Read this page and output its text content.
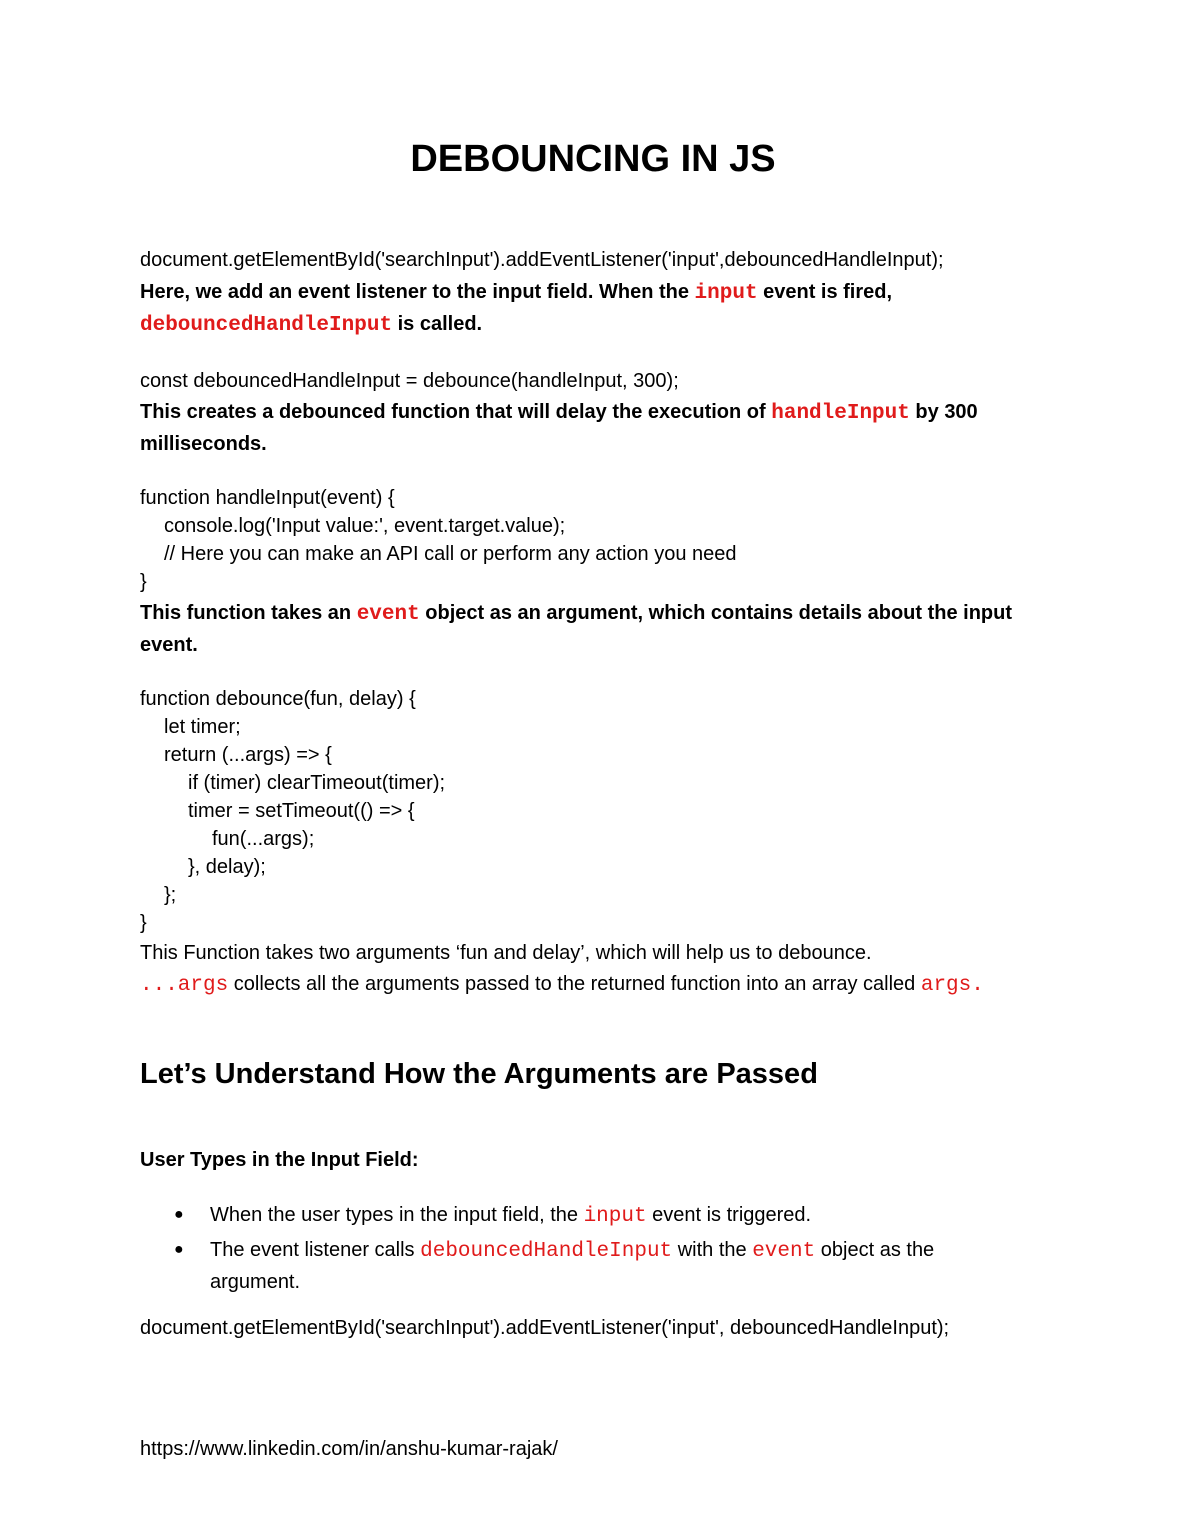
DEBOUNCING IN JS
document.getElementById('searchInput').addEventListener('input',debouncedHandleInput);
Here, we add an event listener to the input field. When the input event is fired,
debouncedHandleInput is called.
const debouncedHandleInput = debounce(handleInput, 300);
This creates a debounced function that will delay the execution of handleInput by 300 milliseconds.
function handleInput(event) {
console.log('Input value:', event.target.value);
// Here you can make an API call or perform any action you need
}
This function takes an event object as an argument, which contains details about the input event.
function debounce(fun, delay) {
let timer;
return (...args) => {
if (timer) clearTimeout(timer);
timer = setTimeout(() => {
fun(...args);
}, delay);
};
}
This Function takes two arguments ‘fun and delay’, which will help us to debounce.
...args collects all the arguments passed to the returned function into an array called args.
Let’s Understand How the Arguments are Passed
User Types in the Input Field:
● When the user types in the input field, the input event is triggered.
● The event listener calls debouncedHandleInput with the event object as the argument.
document.getElementById('searchInput').addEventListener('input', debouncedHandleInput);
https://www.linkedin.com/in/anshu-kumar-rajak/
